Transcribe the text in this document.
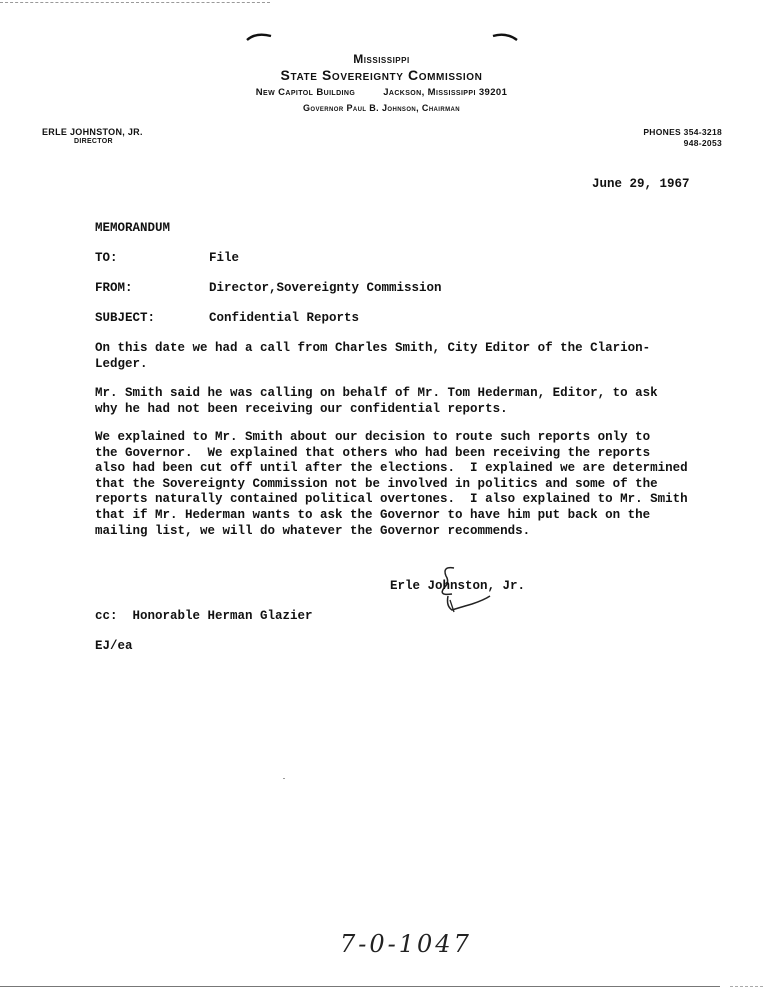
Mississippi
State Sovereignty Commission
New Capitol Building	Jackson, Mississippi 39201
Governor Paul B. Johnson, Chairman
ERLE JOHNSTON, JR.
DIRECTOR
PHONES 354-3218
948-2053
June 29, 1967
MEMORANDUM
TO:	File
FROM:	Director,Sovereignty Commission
SUBJECT:	Confidential Reports
On this date we had a call from Charles Smith, City Editor of the Clarion-
Ledger.
Mr. Smith said he was calling on behalf of Mr. Tom Hederman, Editor, to ask
why he had not been receiving our confidential reports.
We explained to Mr. Smith about our decision to route such reports only to
the Governor.  We explained that others who had been receiving the reports
also had been cut off until after the elections.  I explained we are determined
that the Sovereignty Commission not be involved in politics and some of the
reports naturally contained political overtones.  I also explained to Mr. Smith
that if Mr. Hederman wants to ask the Governor to have him put back on the
mailing list, we will do whatever the Governor recommends.
Erle Johnston, Jr.
cc:  Honorable Herman Glazier
EJ/ea
7-0-1047
